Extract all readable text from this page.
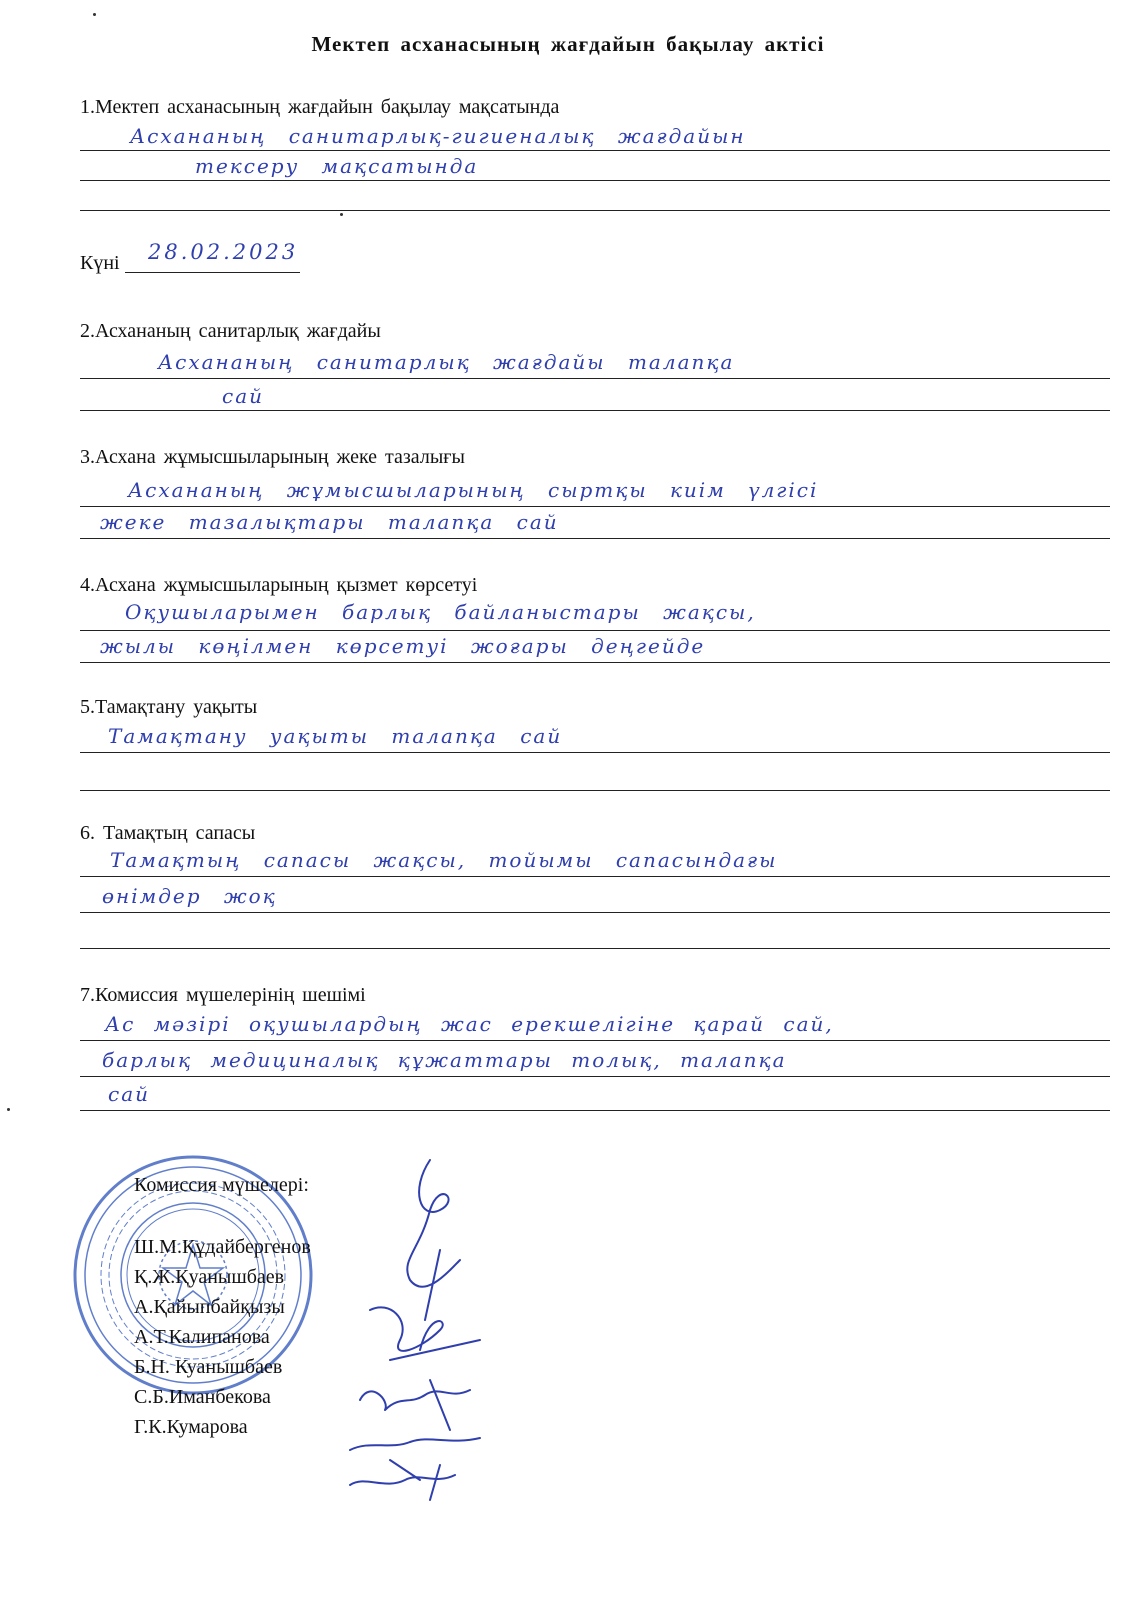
Мектеп асханасының жағдайын бақылау актісі
1.Мектеп асханасының жағдайын бақылау мақсатында
Асхананың санитарлық-гигиеналық жағдайын
тексеру мақсатында
Күні 28.02.2023
2.Асхананың санитарлық жағдайы
Асхананың санитарлық жағдайы талапқа
сай
3.Асхана жұмысшыларының жеке тазалығы
Асхананың жұмысшыларының сыртқы киім үлгісі
жеке тазалықтары талапқа сай
4.Асхана жұмысшыларының қызмет көрсетуі
Оқушыларымен барлық байланыстары жақсы,
жылы көңілмен көрсетуі жоғары деңгейде
5.Тамақтану уақыты
Тамақтану уақыты талапқа сай
6. Тамақтың сапасы
Тамақтың сапасы жақсы, тойымы сапасындағы
өнімдер жоқ
7.Комиссия мүшелерінің шешімі
Ас мәзірі оқушылардың жас ерекшелігіне қарай сай,
барлық медициналық құжаттары толық, талапқа
сай
Комиссия мүшелері:
Ш.М.Құдайбергенов
Қ.Ж.Қуанышбаев
А.Қайыпбайқызы
А.Т.Калипанова
Б.Н. Куанышбаев
С.Б.Иманбекова
Г.К.Кумарова
